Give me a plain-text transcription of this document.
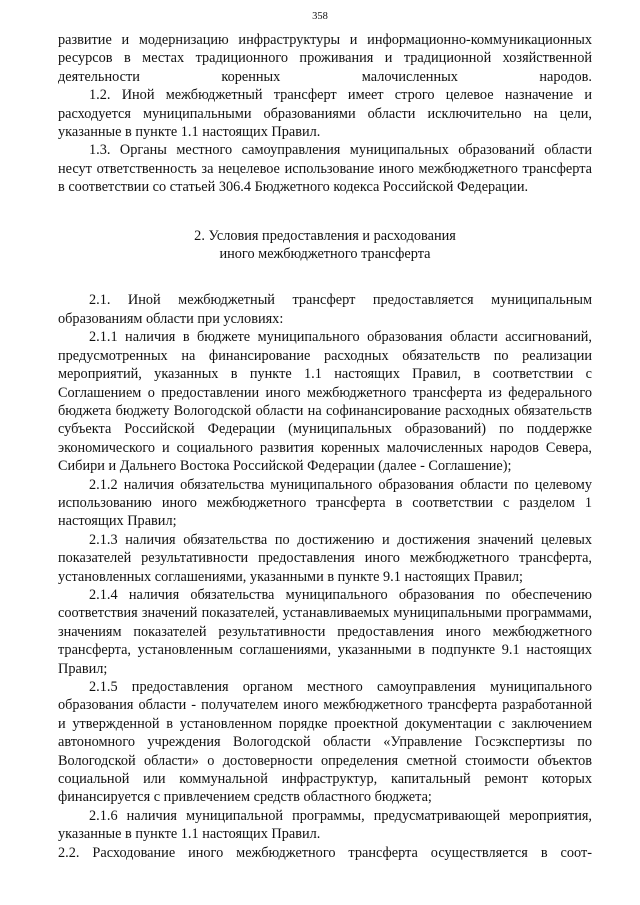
358

развитие и модернизацию инфраструктуры и информационно-коммуникационных ресурсов в местах традиционного проживания и традиционной хозяйственной деятельности коренных малочисленных народов.

1.2. Иной межбюджетный трансферт имеет строго целевое назначение и расходуется муниципальными образованиями области исключительно на цели, указанные в пункте 1.1 настоящих Правил.

1.3. Органы местного самоуправления муниципальных образований области несут ответственность за нецелевое использование иного межбюджетного трансферта в соответствии со статьей 306.4 Бюджетного кодекса Российской Федерации.

2. Условия предоставления и расходования
иного межбюджетного трансферта

2.1. Иной межбюджетный трансферт предоставляется муниципальным образованиям области при условиях:

2.1.1 наличия в бюджете муниципального образования области ассигнований, предусмотренных на финансирование расходных обязательств по реализации мероприятий, указанных в пункте 1.1 настоящих Правил, в соответствии с Соглашением о предоставлении иного межбюджетного трансферта из федерального бюджета бюджету Вологодской области на софинансирование расходных обязательств субъекта Российской Федерации (муниципальных образований) по поддержке экономического и социального развития коренных малочисленных народов Севера, Сибири и Дальнего Востока Российской Федерации (далее - Соглашение);

2.1.2 наличия обязательства муниципального образования области по целевому использованию иного межбюджетного трансферта в соответствии с разделом 1 настоящих Правил;

2.1.3 наличия обязательства по достижению и достижения значений целевых показателей результативности предоставления иного межбюджетного трансферта, установленных соглашениями, указанными в пункте 9.1 настоящих Правил;

2.1.4 наличия обязательства муниципального образования по обеспечению соответствия значений показателей, устанавливаемых муниципальными программами, значениям показателей результативности предоставления иного межбюджетного трансферта, установленным соглашениями, указанными в подпункте 9.1 настоящих Правил;

2.1.5 предоставления органом местного самоуправления муниципального образования области - получателем иного межбюджетного трансферта разработанной и утвержденной в установленном порядке проектной документации с заключением автономного учреждения Вологодской области «Управление Госэкспертизы по Вологодской области» о достоверности определения сметной стоимости объектов социальной или коммунальной инфраструктур, капитальный ремонт которых финансируется с привлечением средств областного бюджета;

2.1.6 наличия муниципальной программы, предусматривающей мероприятия, указанные в пункте 1.1 настоящих Правил.

2.2. Расходование иного межбюджетного трансферта осуществляется в соот-
